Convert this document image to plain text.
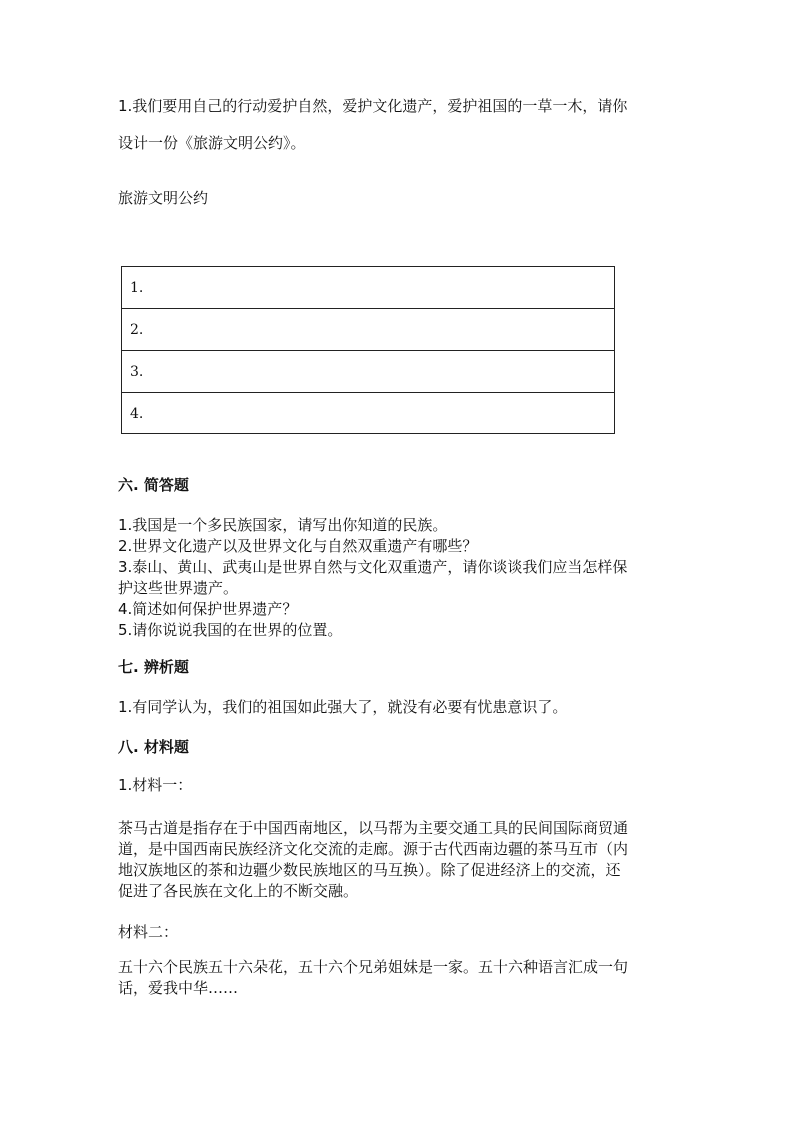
1.我们要用自己的行动爱护自然，爱护文化遗产，爱护祖国的一草一木，请你
设计一份《旅游文明公约》。
旅游文明公约
1.
2.
3.
4.
六. 简答题
1.我国是一个多民族国家，请写出你知道的民族。
2.世界文化遗产以及世界文化与自然双重遗产有哪些？
3.泰山、黄山、武夷山是世界自然与文化双重遗产，请你谈谈我们应当怎样保
护这些世界遗产。
4.简述如何保护世界遗产？
5.请你说说我国的在世界的位置。
七. 辨析题
1.有同学认为，我们的祖国如此强大了，就没有必要有忧患意识了。
八. 材料题
1.材料一：
茶马古道是指存在于中国西南地区，以马帮为主要交通工具的民间国际商贸通
道，是中国西南民族经济文化交流的走廊。源于古代西南边疆的茶马互市（内
地汉族地区的茶和边疆少数民族地区的马互换）。除了促进经济上的交流，还
促进了各民族在文化上的不断交融。
材料二：
五十六个民族五十六朵花，五十六个兄弟姐妹是一家。五十六种语言汇成一句
话，爱我中华……
